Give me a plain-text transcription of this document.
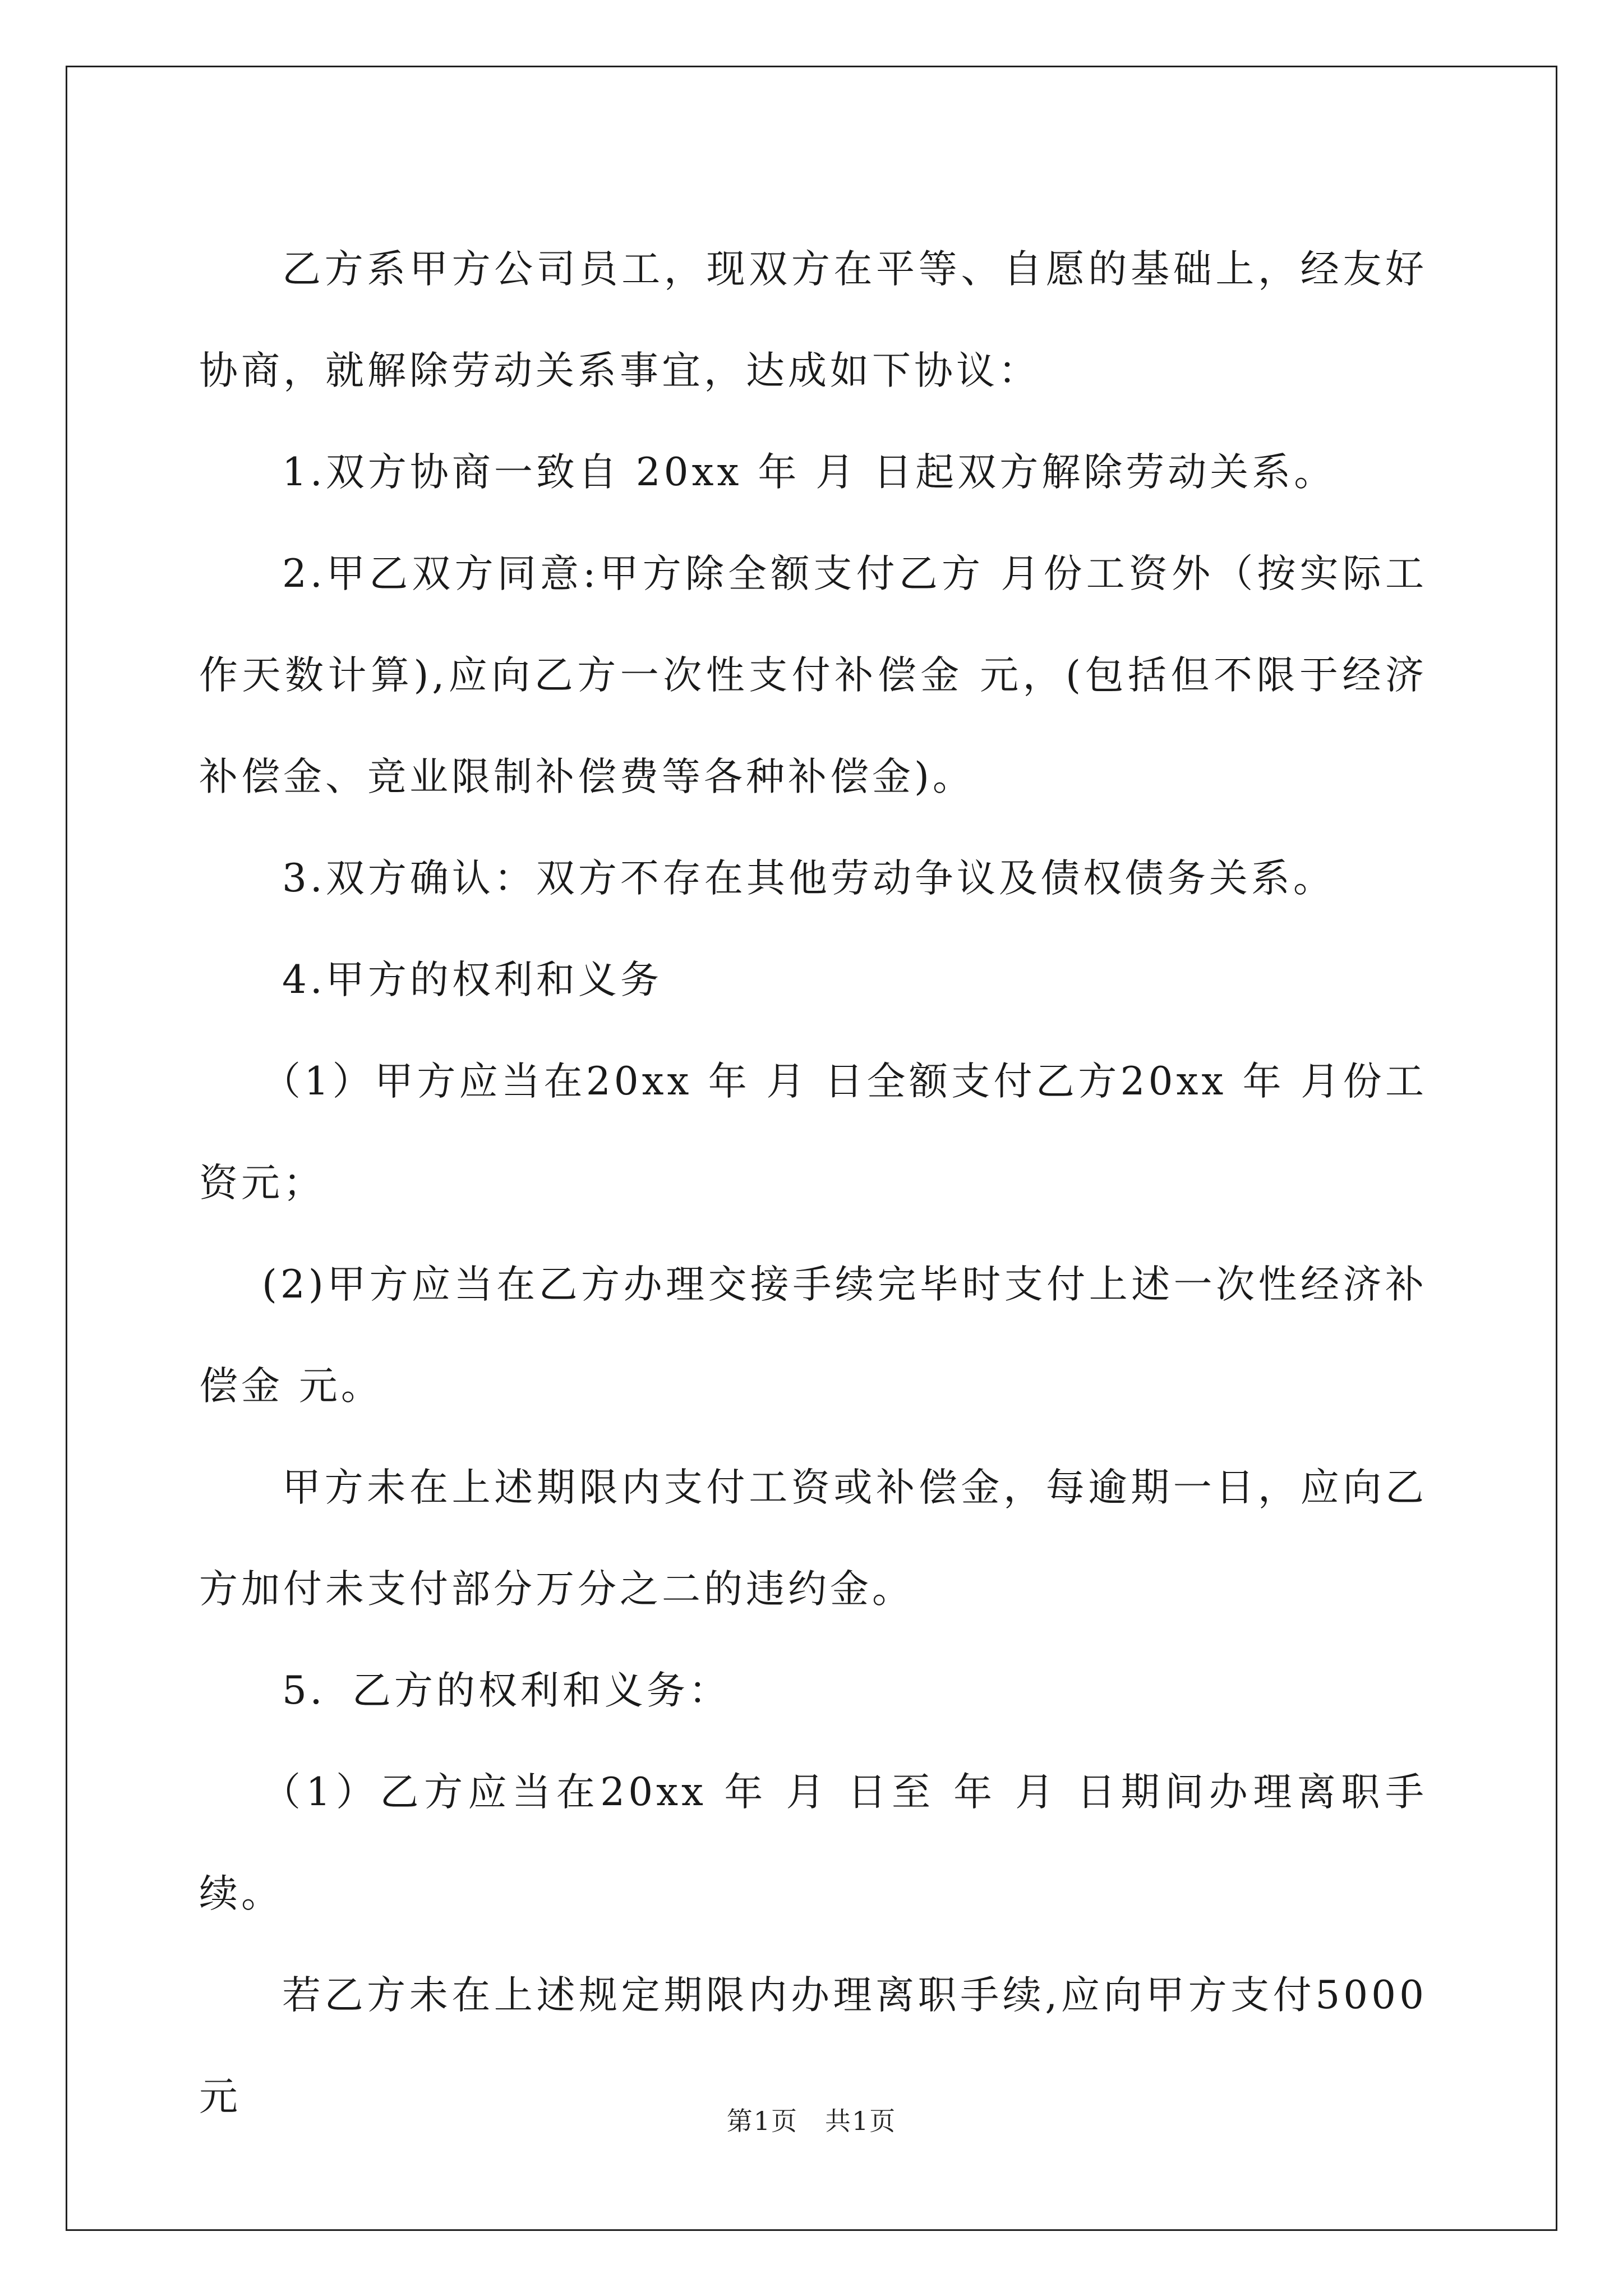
乙方系甲方公司员工，现双方在平等、自愿的基础上，经友好协商，就解除劳动关系事宜，达成如下协议：

1.双方协商一致自 20xx 年 月 日起双方解除劳动关系。

2.甲乙双方同意:甲方除全额支付乙方 月份工资外（按实际工作天数计算),应向乙方一次性支付补偿金 元，(包括但不限于经济补偿金、竞业限制补偿费等各种补偿金)。

3.双方确认：双方不存在其他劳动争议及债权债务关系。

4.甲方的权利和义务

（1）甲方应当在20xx 年 月 日全额支付乙方20xx 年 月份工资元；

(2)甲方应当在乙方办理交接手续完毕时支付上述一次性经济补偿金 元。

甲方未在上述期限内支付工资或补偿金，每逾期一日，应向乙方加付未支付部分万分之二的违约金。

5．乙方的权利和义务：

（1）乙方应当在20xx 年 月 日至 年 月 日期间办理离职手续。

若乙方未在上述规定期限内办理离职手续,应向甲方支付5000 元

第1页　共1页
